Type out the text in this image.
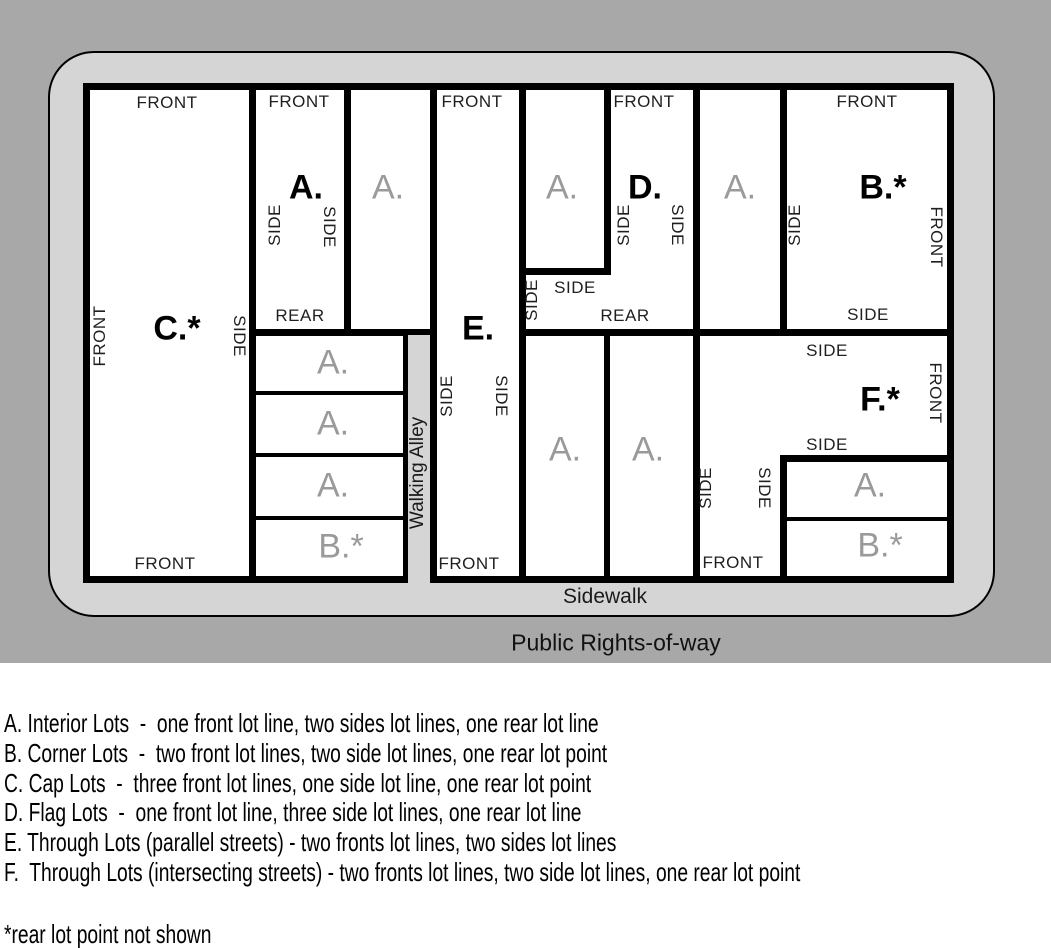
FRONT
FRONT C.* SIDE
FRONT
FRONT
A.
SIDE SIDE
REAR
A.
FRONT
E.
SIDE SIDE
FRONT
A.
FRONT
D.
SIDE SIDE
SIDE SIDE
REAR
A.
FRONT
B.*
SIDE	FRONT
SIDE
A.
A.
A.
B.*
A. A.
SIDE
F.* FRONT
SIDE
SIDE SIDE
FRONT
A.
B.*
Walking Alley
Sidewalk
Public Rights-of-way
A. Interior Lots  -  one front lot line, two sides lot lines, one rear lot line
B. Corner Lots  -  two front lot lines, two side lot lines, one rear lot point
C. Cap Lots  -  three front lot lines, one side lot line, one rear lot point
D. Flag Lots  -  one front lot line, three side lot lines, one rear lot line
E. Through Lots (parallel streets) - two fronts lot lines, two sides lot lines
F.  Through Lots (intersecting streets) - two fronts lot lines, two side lot lines, one rear lot point
*rear lot point not shown
